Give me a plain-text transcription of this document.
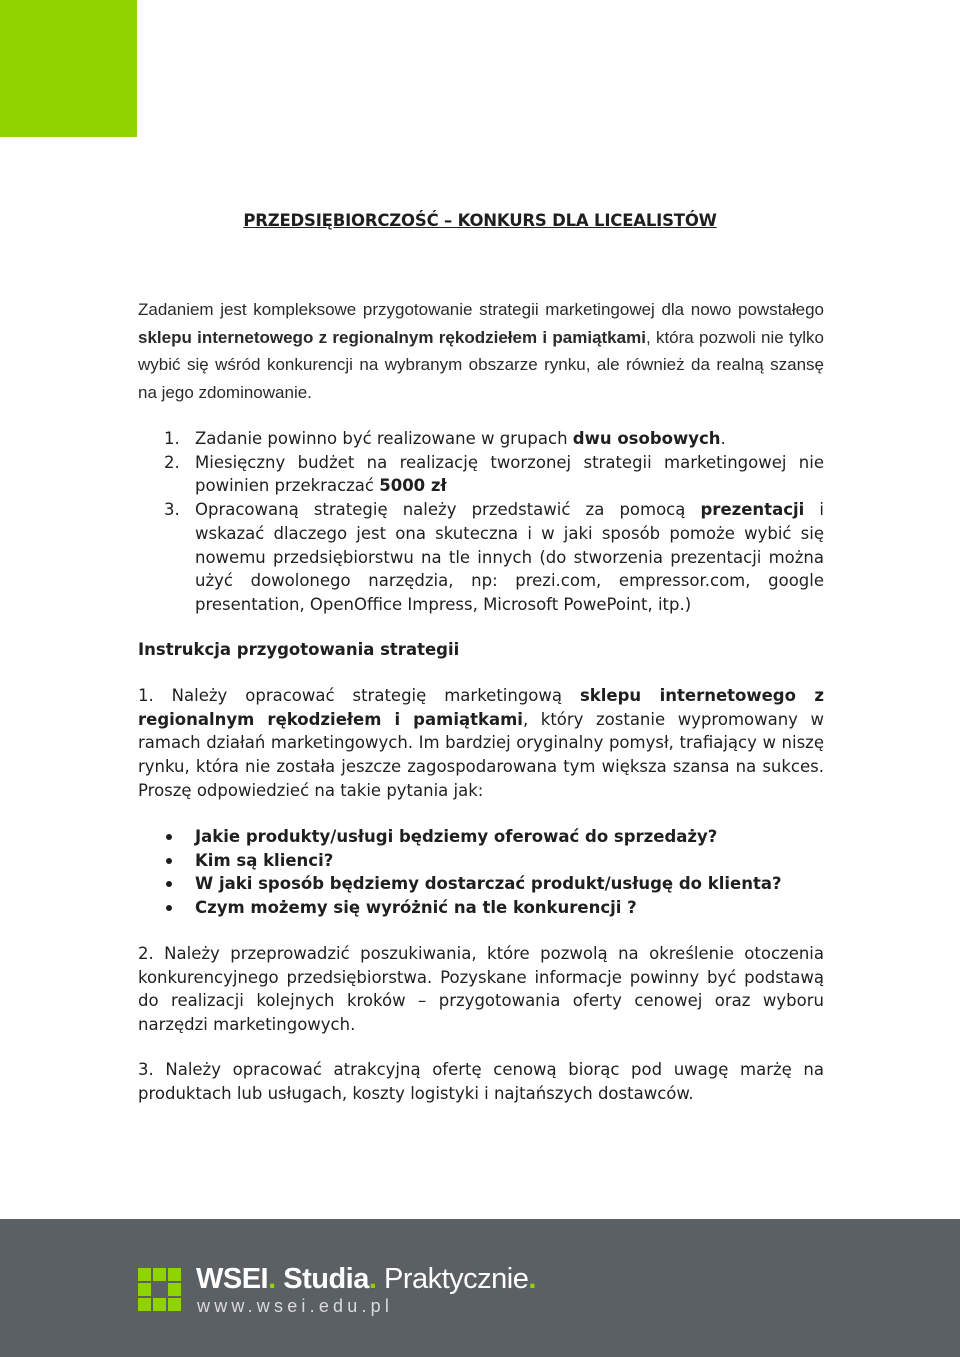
PRZEDSIĘBIORCZOŚĆ – KONKURS DLA LICEALISTÓW

Zadaniem jest kompleksowe przygotowanie strategii marketingowej dla nowo powstałego sklepu internetowego z regionalnym rękodziełem i pamiątkami, która pozwoli nie tylko wybić się wśród konkurencji na wybranym obszarze rynku, ale również da realną szansę na jego zdominowanie.

1. Zadanie powinno być realizowane w grupach dwu osobowych.
2. Miesięczny budżet na realizację tworzonej strategii marketingowej nie powinien przekraczać 5000 zł
3. Opracowaną strategię należy przedstawić za pomocą prezentacji i wskazać dlaczego jest ona skuteczna i w jaki sposób pomoże wybić się nowemu przedsiębiorstwu na tle innych (do stworzenia prezentacji można użyć dowolonego narzędzia, np: prezi.com, empressor.com, google presentation, OpenOffice Impress, Microsoft PowePoint, itp.)
Instrukcja przygotowania strategii

1. Należy opracować strategię marketingową sklepu internetowego z regionalnym rękodziełem i pamiątkami, który zostanie wypromowany w ramach działań marketingowych. Im bardziej oryginalny pomysł, trafiający w niszę rynku, która nie została jeszcze zagospodarowana tym większa szansa na sukces. Proszę odpowiedzieć na takie pytania jak:

Jakie produkty/usługi będziemy oferować do sprzedaży?
Kim są klienci?
W jaki sposób będziemy dostarczać produkt/usługę do klienta?
Czym możemy się wyróżnić na tle konkurencji ?

2. Należy przeprowadzić poszukiwania, które pozwolą na określenie otoczenia konkurencyjnego przedsiębiorstwa. Pozyskane informacje powinny być podstawą do realizacji kolejnych kroków – przygotowania oferty cenowej oraz wyboru narzędzi marketingowych.

3. Należy opracować atrakcyjną ofertę cenową biorąc pod uwagę marżę na produktach lub usługach, koszty logistyki i najtańszych dostawców.

WSEI. Studia. Praktycznie.
www.wsei.edu.pl
